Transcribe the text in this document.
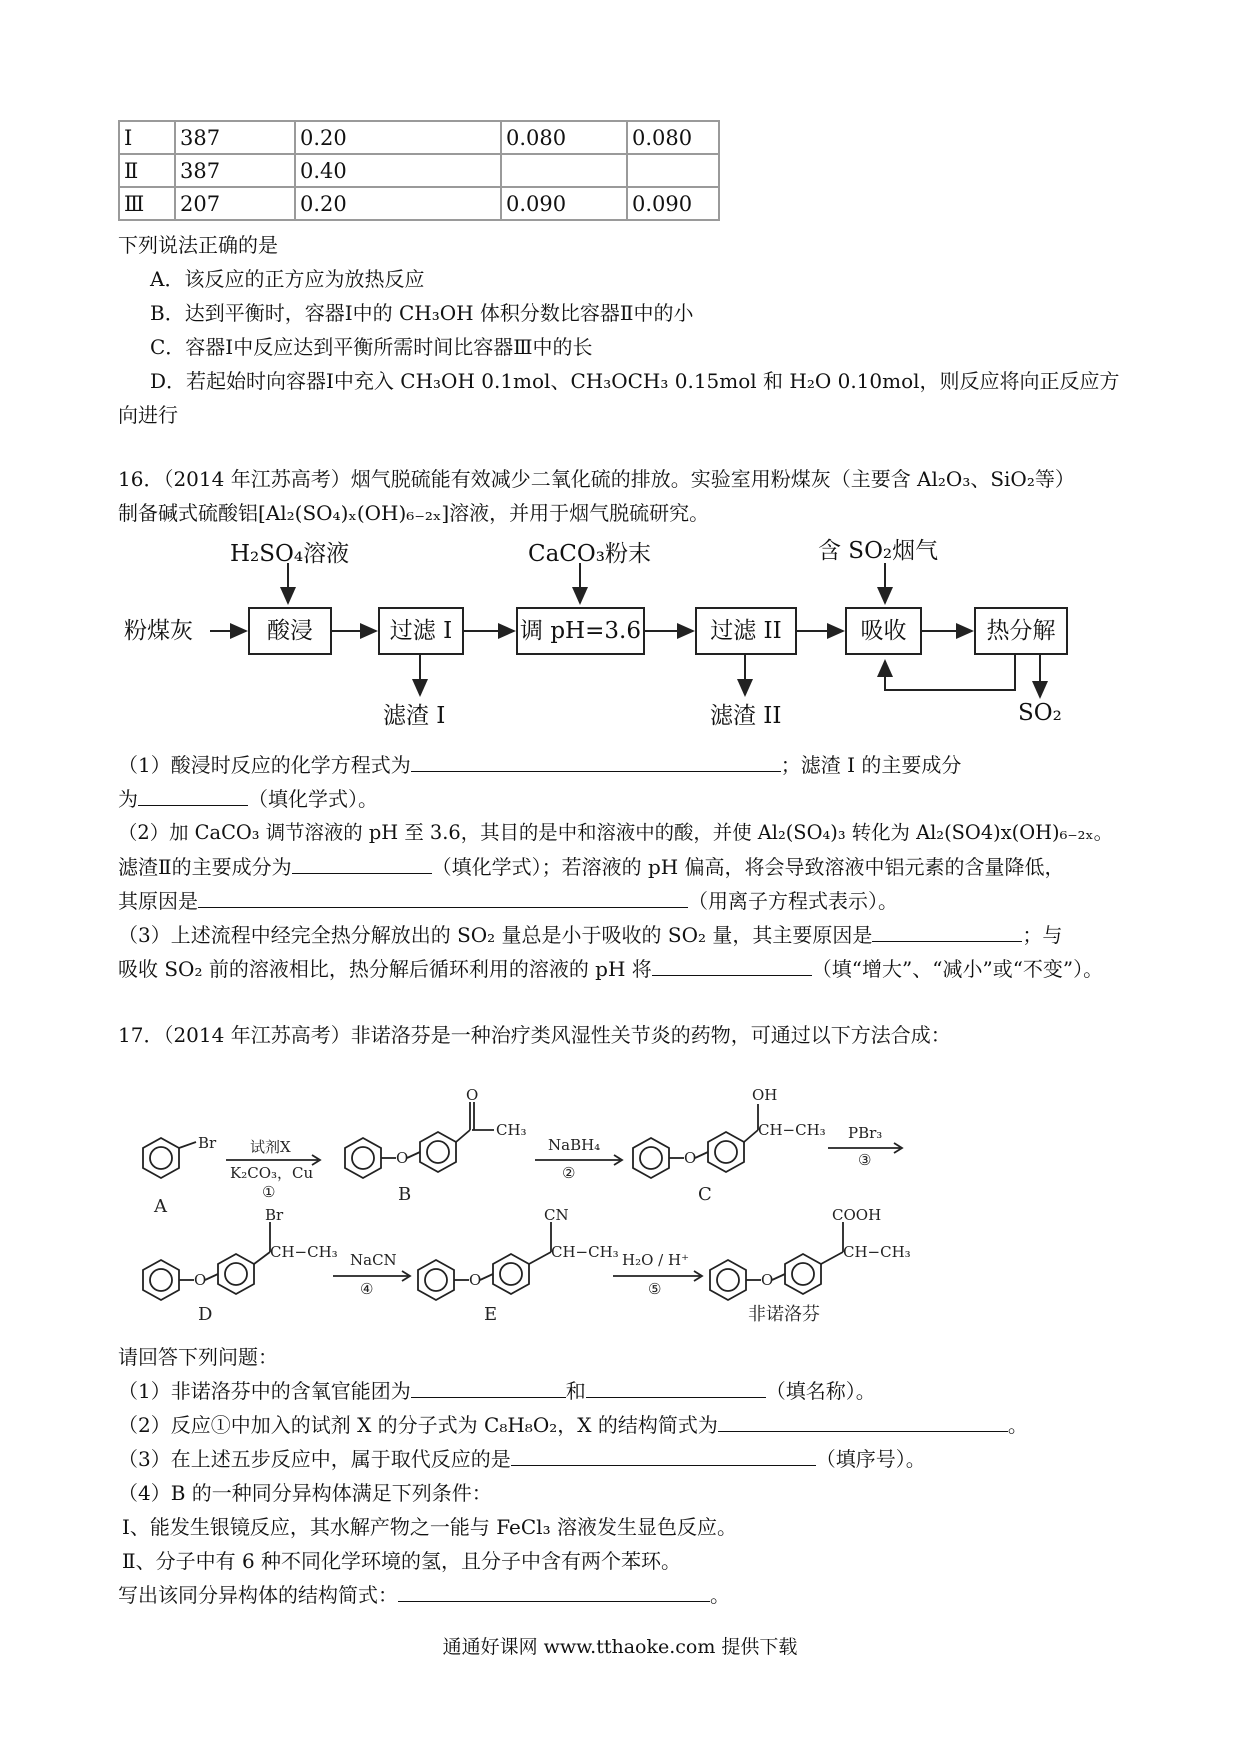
Ⅰ	387	0.20	0.080	0.080
Ⅱ	387	0.40		
Ⅲ	207	0.20	0.090	0.090
下列说法正确的是
A．该反应的正方应为放热反应
B．达到平衡时，容器Ⅰ中的 CH₃OH 体积分数比容器Ⅱ中的小
C．容器Ⅰ中反应达到平衡所需时间比容器Ⅲ中的长
D．若起始时向容器Ⅰ中充入 CH₃OH 0.1mol、CH₃OCH₃ 0.15mol 和 H₂O 0.10mol，则反应将向正反应方
向进行
16．（2014 年江苏高考）烟气脱硫能有效减少二氧化硫的排放。实验室用粉煤灰（主要含 Al₂O₃、SiO₂等）
制备碱式硫酸铝[Al₂(SO₄)ₓ(OH)₆₋₂ₓ]溶液，并用于烟气脱硫研究。
粉煤灰	酸浸	过滤 I	调 pH=3.6	过滤 II	吸收	热分解
H₂SO₄溶液	CaCO₃粉末	含 SO₂烟气
滤渣 I	滤渣 II	SO₂
（1）酸浸时反应的化学方程式为	；滤渣 I 的主要成分
为	（填化学式）。
（2）加 CaCO₃ 调节溶液的 pH 至 3.6，其目的是中和溶液中的酸，并使 Al₂(SO₄)₃ 转化为 Al₂(SO4)x(OH)₆₋₂ₓ。
滤渣Ⅱ的主要成分为	（填化学式）；若溶液的 pH 偏高，将会导致溶液中铝元素的含量降低，
其原因是	（用离子方程式表示）。
（3）上述流程中经完全热分解放出的 SO₂ 量总是小于吸收的 SO₂ 量，其主要原因是	；与
吸收 SO₂ 前的溶液相比，热分解后循环利用的溶液的 pH 将	（填“增大”、“减小”或“不变”）。
17．（2014 年江苏高考）非诺洛芬是一种治疗类风湿性关节炎的药物，可通过以下方法合成：
Br
O
O
CH₃
O
OH
CH−CH₃
O
Br
CH−CH₃
O
CN
CH−CH₃
O
COOH
CH−CH₃
试剂X
K₂CO₃，Cu
①
NaBH₄
②
PBr₃
③
NaCN
④
H₂O / H⁺
⑤
A
B	C
D	E	非诺洛芬
请回答下列问题：
（1）非诺洛芬中的含氧官能团为	和	（填名称）。
（2）反应①中加入的试剂 X 的分子式为 C₈H₈O₂，X 的结构简式为	。
（3）在上述五步反应中，属于取代反应的是	（填序号）。
（4）B 的一种同分异构体满足下列条件：
Ⅰ、能发生银镜反应，其水解产物之一能与 FeCl₃ 溶液发生显色反应。
Ⅱ、分子中有 6 种不同化学环境的氢，且分子中含有两个苯环。
写出该同分异构体的结构简式：	。
通通好课网 www.tthaoke.com 提供下载
